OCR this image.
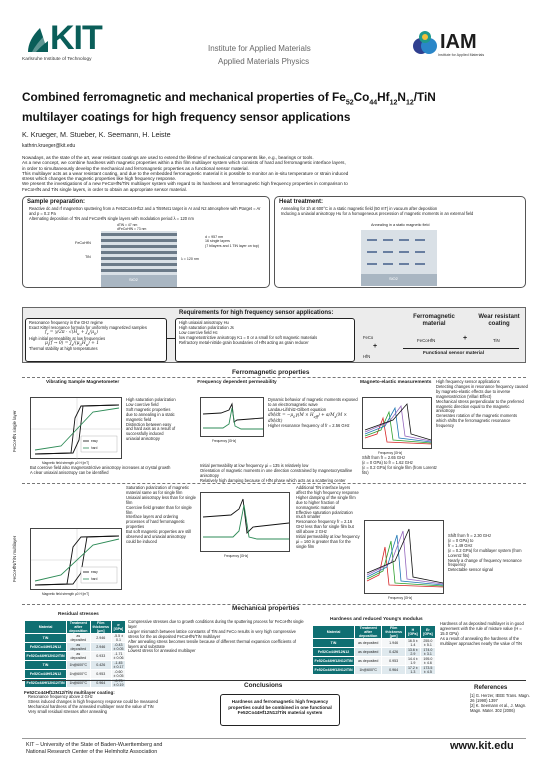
KIT
Karlsruhe Institute of Technology
Institute for Applied Materials
Applied Materials Physics
IAM
Institute for Applied Materials
Combined ferromagnetic and mechanical properties of $Fe_{52}Co_{44}Hf_{12}N_{12}$/TiN
multilayer coatings for high frequency sensor applications
K. Krueger, M. Stueber, K. Seemann, H. Leiste
kathrin.krueger@kit.edu
Nowadays, as the state of the art, wear resistant coatings are used to extend the lifetime of mechanical components like, e.g., bearings or tools.
As a new concept, we combine hardness with magnetic properties within a thin film multilayer system which consists of hard and ferromagnetic interface layers,
in order to simultaneously develop the mechanical and ferromagnetic properties as a functional sensor material.
This multilayer acts as a wear resistant coating, and due to the embedded ferromagnetic material it is possible to monitor an in-situ temperature or strain induced
stress which changes the magnetic properties like high frequency response.
We present the investigations of a new FeCoHfN/TiN multilayer system with regard to its hardness and ferromagnetic high frequency properties in comparison to
FeCoHfN and TiN single layers, in order to obtain an appropriate sensor material.
Sample preparation:
Reactive dc and rf magnetron sputtering from a Fe52Co44Hf12 and a Ti59N41 target in Ar and N2 atmosphere with Ptarget = Ar and p = 0.2 Pa
Alternating deposition of TiN and FeCoHfN single layers with modulation period λ = 120 nm
SiO2
FeCoHfN
TiN
dTiN = 47 nm
dFeCoHfN = 73 nm
λ = 120 nm
d = 957 nm
16 single layers
(7 bilayers and 1 TiN layer on top)
Heat treatment:
Annealing for 1h at 600°C in a static magnetic field (50 mT) in vacuum after deposition
Inducing a uniaxial anisotropy Hu for a homogeneous precession of magnetic moments in an external field
Annealing in a static magnetic field
SiO2
Requirements for high frequency sensor applications:
Resonance frequency in the GHz regime
Exact Kittel resonance formula for uniformly magnetized samples
$f_r = \gamma/2\pi \cdot √(H_u + J_s/\mu_0)$
High initial permeability at low frequencies
$\mu_i(f \to 0) = J_s/(\mu_0H_u) + 1$
Thermal stability at high temperatures
High uniaxial anisotropy Hu
High saturation polarization Js
Low coercive field Hc
low magnetostrictive anisotropy K1 = 0 or a small for soft magnetic materials
Refractory metal-nitride grain boundaries of HfN acting as grain reducer
FeCo
+
HfN
Ferromagnetic material
Wear resistant coating
FeCoHfN	+	TiN
Functional sensor material
Ferromagnetic properties
Vibrating Sample Magnetometer	Frequency dependent permeability	Magneto-elastic measurements
FeCoHfN single layer
FeCoHfN/TiN multilayer
easy
hard
Magnetic field strength μ0 H [mT]
High saturation polarization
Low coercive field
Soft magnetic properties due to annealing in a static magnetic field
Distinction between easy and hard axis as a result of successfully induced uniaxial anisotropy
But coercive field also magnetostrictive anisotropy increases at crystal growth
A clear uniaxial anisotropy can be identified
Frequency [GHz]
Dynamic behavior of magnetic moments exposed to an electromagnetic wave
Landau-Lifshitz-Gilbert equation
$dM/dt = -\mu_0\gamma(M \times H_{eff}) + \alpha/M_s(M \times dM/dt)$
Higher resonance frequency of fr = 2.56 GHz
Initial permeability at low frequency μi = 135 is relatively low
Orientation of magnetic moments in one direction constrained by magnetocrystalline anisotropy
Relatively high damping because of HfN phase which acts as a scattering center
Frequency [GHz]
High frequency sensor applications
Detecting changes in resonance frequency caused by magneto-elastic effects due to inverse magnetostriction (Villari Effect)
Mechanical stress perpendicular to the preferred magnetic direction equal to the magnetic anisotropy
Generates rotation of the magnetic moments which shifts the ferromagnetic resonance frequency
Shift from fr = 2.65 GHz
(ε = 0 GPa) to fr = 1.62 GHz
(ε = 0.2 GPa) for single film (from Lorentz fits)
easy
hard
Magnetic field strength μ0 H [mT]
Saturation polarization of magnetic material same as for single film
Uniaxial anisotropy less than for single film
Coercive field greater than for single film
Interface layers and ordering processes of hard ferromagnetic properties
But soft magnetic properties are still observed and uniaxial anisotropy could be induced
Frequency [GHz]
Additional TiN interface layers affect the high frequency response
Higher damping of the single film due to higher fraction of nonmagnetic material
Effective saturation polarization much smaller
Resonance frequency fr = 2.16 GHz less than for single film but still above 2 GHz
Initial permeability at low frequency μi = 160 is greater than for the single film
Frequency [GHz]
Shift from fr = 2.30 GHz
(ε = 0 GPa) to
fr = 1.49 GHz
(ε = 0.2 GPa) for multilayer system (from Lorentz fits)
Nearly a change of frequency resonance frequency
Detectable sensor signal
Mechanical properties
Residual stresses
Hardness and reduced Young's modulus
Material	Treatment after deposition	Film thickness [μm]	σ [GPa]
TiN	as deposited	2.946	-5.5 ± 0.1
Fe52Co44Hf12N12	as deposited	2.946	-0.43 ± 0.05
Fe52Co44Hf12N12/TiN	as deposited	0.933	-1.71 ± 0.06
TiN	1h@600°C	0.426	-1.45 ± 0.17
Fe52Co44Hf12N12	1h@600°C	0.953	-0.60 ± 0.05
Fe52Co44Hf12N12/TiN	1h@600°C	0.964	-0.73 ± 0.19
Compressive stresses due to growth conditions during the sputtering process for FeCoHfN single layer
Larger mismatch between lattice constants of TiN and FeCo results in very high compressive stress for the as deposited FeCoHfN/TiN multilayer
After annealing stress becomes tensile because of different thermal expansion coefficients of layers and substrate
Lowest stress for annealed multilayer
Material	Treatment after deposition	Film thickness [μm]	H [GPa]	Er [GPa]
TiN	as deposited	1.946	16.5 ± 1.4	255.0 ± 5.1
Fe52Co44Hf12N12	as deposited	0.426	13.6 ± 2.9	174.0 ± 3.1
Fe52Co44Hf12N12/TiN	as deposited	0.953	14.4 ± 1.9	195.0 ± 4.6
Fe52Co44Hf12N12/TiN	1h@600°C	0.964	17.2 ± 1.3	173.5 ± 4.5
Hardness of as deposited multilayer is in good agreement with the rule of mixture value (H = 15.0 GPa)
As a result of annealing the hardness of the multilayer approaches nearly the value of TiN
Fe52Co44Hf12N12/TiN multilayer coating:
Resonance frequency above 2 GHz
Stress induced changes in high frequency response could be measured
Mechanical hardness of the annealed multilayer near the value of TiN
Very small residual stresses after annealing
Conclusions
Hardness and ferromagnetic high frequency properties could be combined in one functional Fe52Co44Hf12N12/TiN material system
References
[1] G. Herzer, IEEE Trans. Magn. 26 (1990) 1397
[2] K. Seemann et al., J. Magn. Magn. Mater. 302 (2006)
KIT – University of the State of Baden-Wuerttemberg and
National Research Center of the Helmholtz Association	www.kit.edu
